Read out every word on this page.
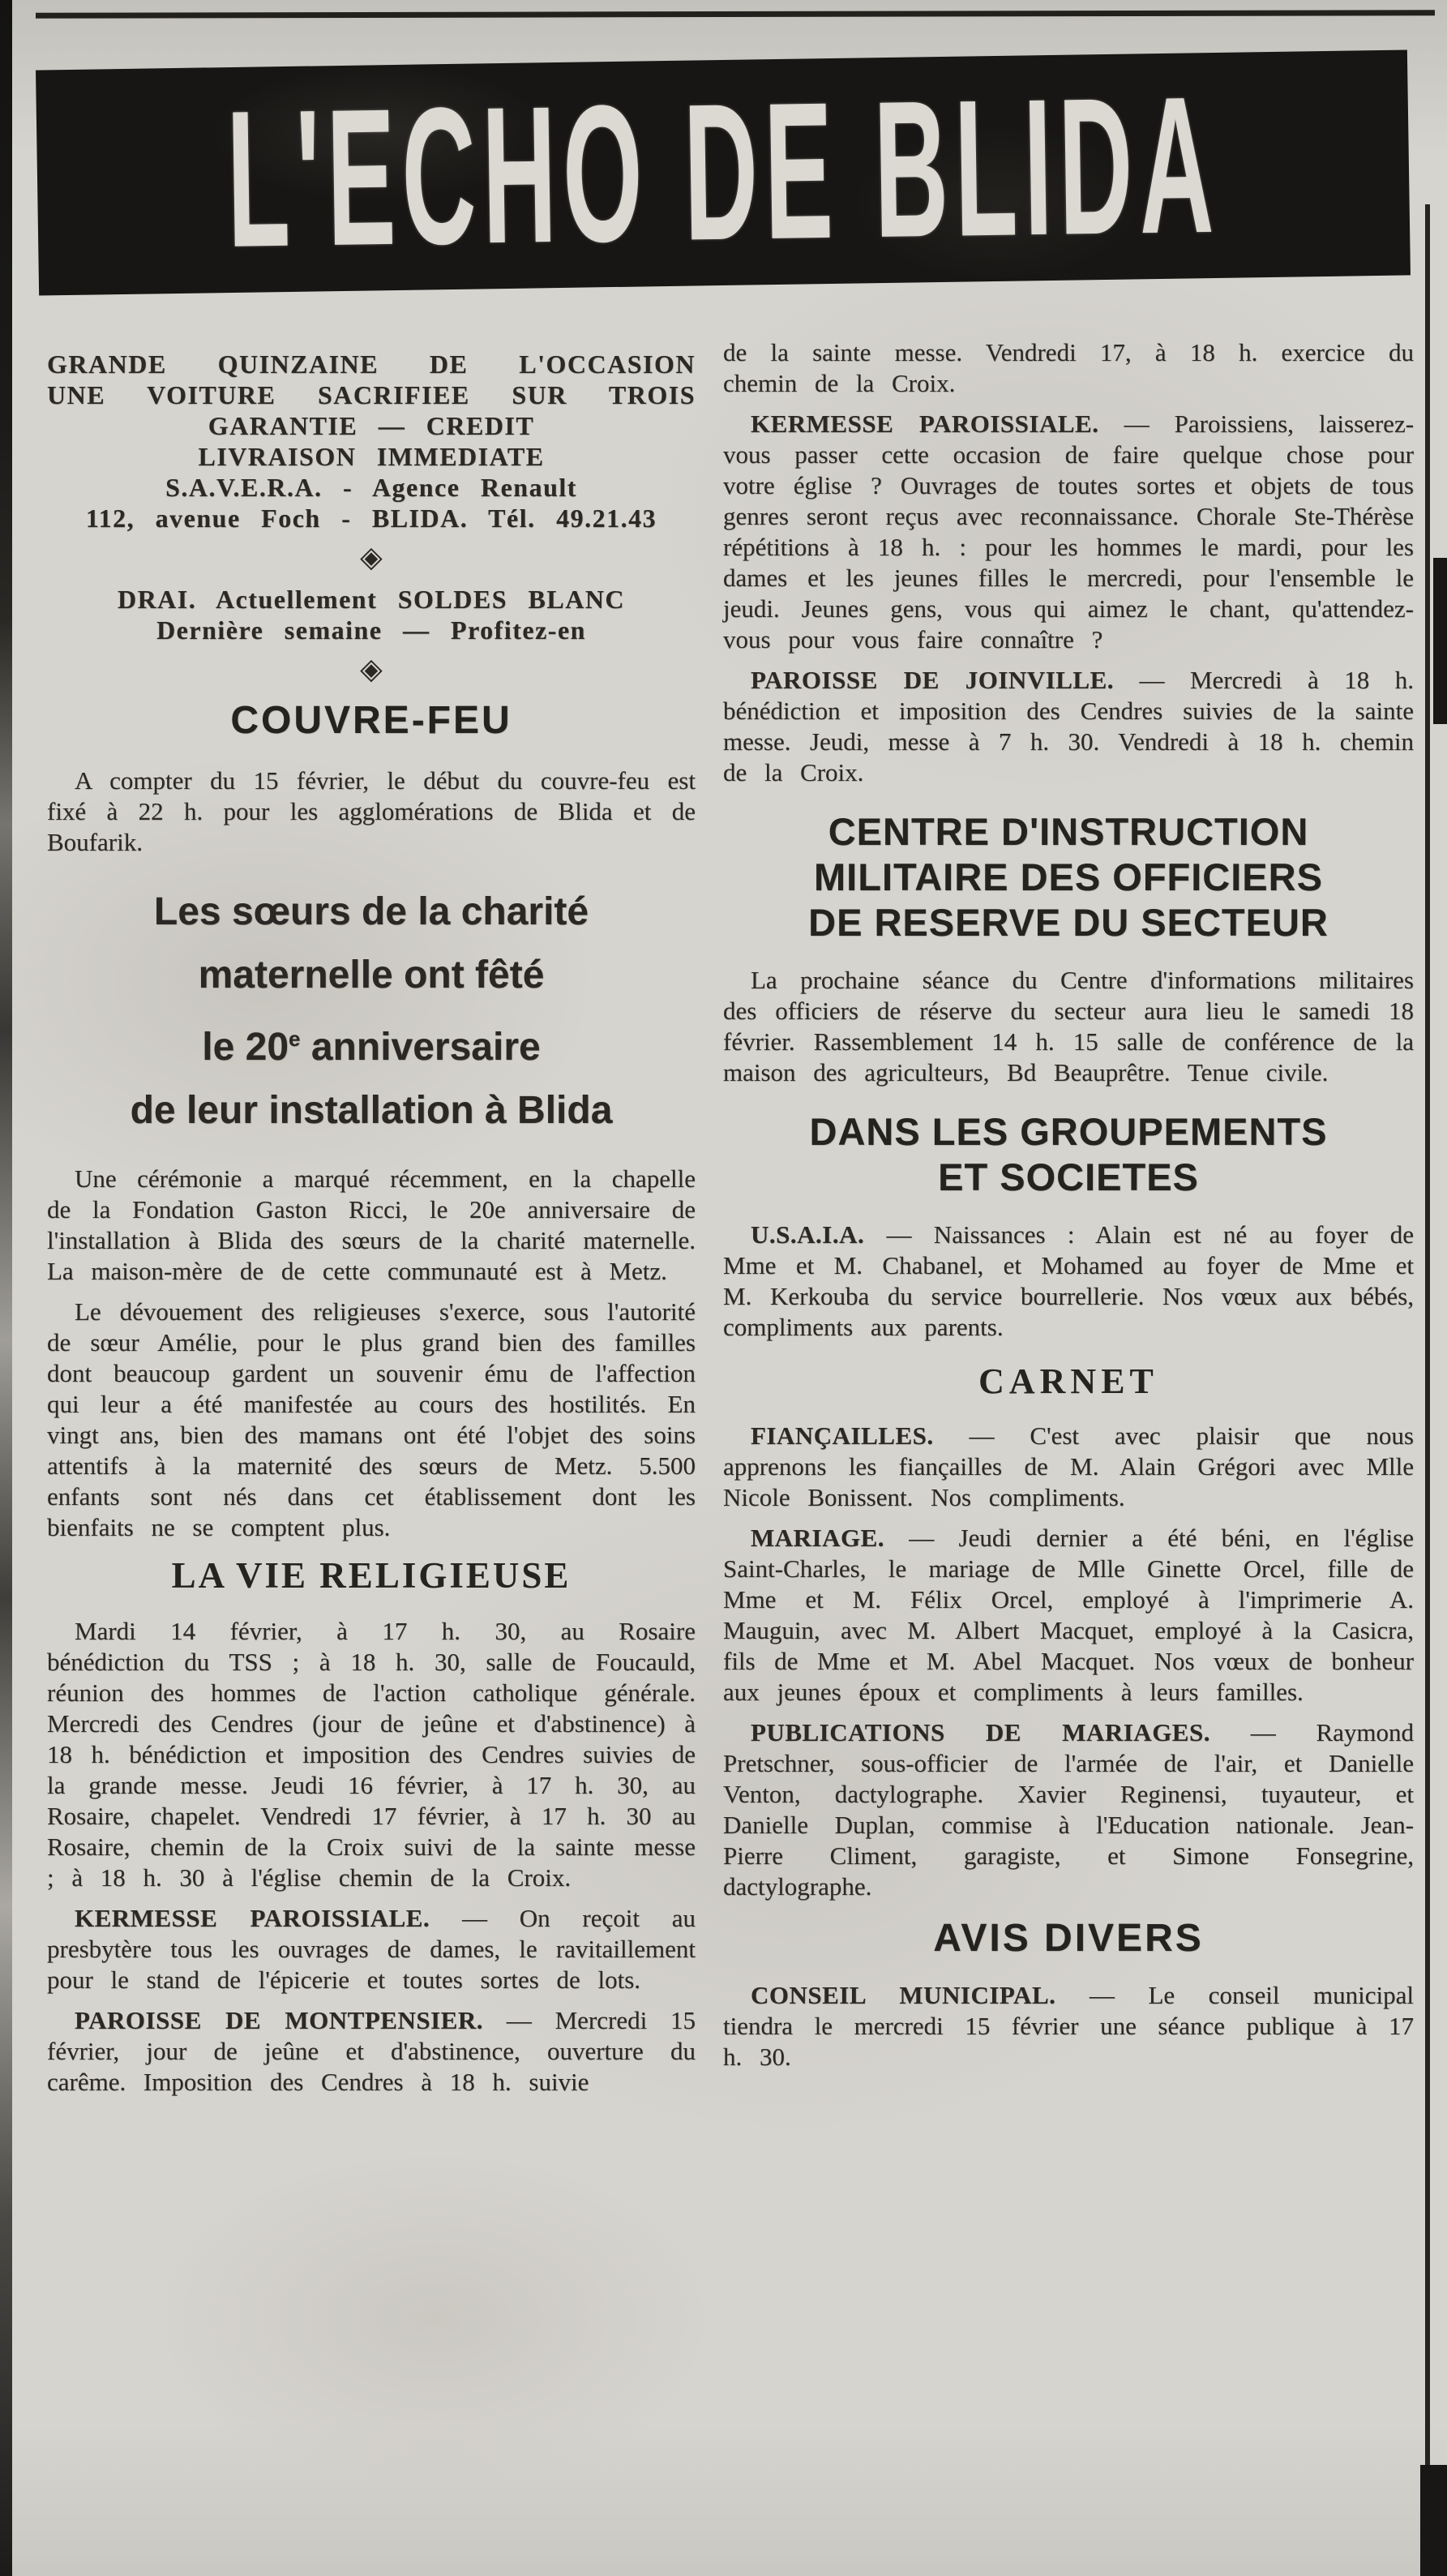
L'ECHO DE BLIDA
GRANDE QUINZAINE DE L'OCCASION
UNE VOITURE SACRIFIEE SUR TROIS
GARANTIE — CREDIT
LIVRAISON IMMEDIATE
S.A.V.E.R.A. - Agence Renault
112, avenue Foch - BLIDA. Tél. 49.21.43
◈
DRAI. Actuellement SOLDES BLANC
Dernière semaine — Profitez-en
◈
COUVRE-FEU

A compter du 15 février, le début du couvre-feu est fixé à 22 h. pour les agglomérations de Blida et de Boufarik.

Les sœurs de la charité
maternelle ont fêté
le 20e anniversaire
de leur installation à Blida

Une cérémonie a marqué récemment, en la chapelle de la Fondation Gaston Ricci, le 20e anniversaire de l'installation à Blida des sœurs de la charité maternelle. La maison-mère de de cette communauté est à Metz.

Le dévouement des religieuses s'exerce, sous l'autorité de sœur Amélie, pour le plus grand bien des familles dont beaucoup gardent un souvenir ému de l'affection qui leur a été manifestée au cours des hostilités. En vingt ans, bien des mamans ont été l'objet des soins attentifs à la maternité des sœurs de Metz. 5.500 enfants sont nés dans cet établissement dont les bienfaits ne se comptent plus.

LA VIE RELIGIEUSE

Mardi 14 février, à 17 h. 30, au Rosaire bénédiction du TSS ; à 18 h. 30, salle de Foucauld, réunion des hommes de l'action catholique générale. Mercredi des Cendres (jour de jeûne et d'abstinence) à 18 h. bénédiction et imposition des Cendres suivies de la grande messe. Jeudi 16 février, à 17 h. 30, au Rosaire, chapelet. Vendredi 17 février, à 17 h. 30 au Rosaire, chemin de la Croix suivi de la sainte messe ; à 18 h. 30 à l'église chemin de la Croix.

KERMESSE PAROISSIALE. — On reçoit au presbytère tous les ouvrages de dames, le ravitaillement pour le stand de l'épicerie et toutes sortes de lots.

PAROISSE DE MONTPENSIER. — Mercredi 15 février, jour de jeûne et d'abstinence, ouverture du carême. Imposition des Cendres à 18 h. suivie

de la sainte messe. Vendredi 17, à 18 h. exercice du chemin de la Croix.

KERMESSE PAROISSIALE. — Paroissiens, laisserez-vous passer cette occasion de faire quelque chose pour votre église ? Ouvrages de toutes sortes et objets de tous genres seront reçus avec reconnaissance. Chorale Ste-Thérèse répétitions à 18 h. : pour les hommes le mardi, pour les dames et les jeunes filles le mercredi, pour l'ensemble le jeudi. Jeunes gens, vous qui aimez le chant, qu'attendez-vous pour vous faire connaître ?

PAROISSE DE JOINVILLE. — Mercredi à 18 h. bénédiction et imposition des Cendres suivies de la sainte messe. Jeudi, messe à 7 h. 30. Vendredi à 18 h. chemin de la Croix.

CENTRE D'INSTRUCTION
MILITAIRE DES OFFICIERS
DE RESERVE DU SECTEUR

La prochaine séance du Centre d'informations militaires des officiers de réserve du secteur aura lieu le samedi 18 février. Rassemblement 14 h. 15 salle de conférence de la maison des agriculteurs, Bd Beauprêtre. Tenue civile.

DANS LES GROUPEMENTS
ET SOCIETES

U.S.A.I.A. — Naissances : Alain est né au foyer de Mme et M. Chabanel, et Mohamed au foyer de Mme et M. Kerkouba du service bourrellerie. Nos vœux aux bébés, compliments aux parents.

CARNET

FIANÇAILLES. — C'est avec plaisir que nous apprenons les fiançailles de M. Alain Grégori avec Mlle Nicole Bonissent. Nos compliments.

MARIAGE. — Jeudi dernier a été béni, en l'église Saint-Charles, le mariage de Mlle Ginette Orcel, fille de Mme et M. Félix Orcel, employé à l'imprimerie A. Mauguin, avec M. Albert Macquet, employé à la Casicra, fils de Mme et M. Abel Macquet. Nos vœux de bonheur aux jeunes époux et compliments à leurs familles.

PUBLICATIONS DE MARIAGES. — Raymond Pretschner, sous-officier de l'armée de l'air, et Danielle Venton, dactylographe. Xavier Reginensi, tuyauteur, et Danielle Duplan, commise à l'Education nationale. Jean-Pierre Climent, garagiste, et Simone Fonsegrine, dactylographe.

AVIS DIVERS

CONSEIL MUNICIPAL. — Le conseil municipal tiendra le mercredi 15 février une séance publique à 17 h. 30.
